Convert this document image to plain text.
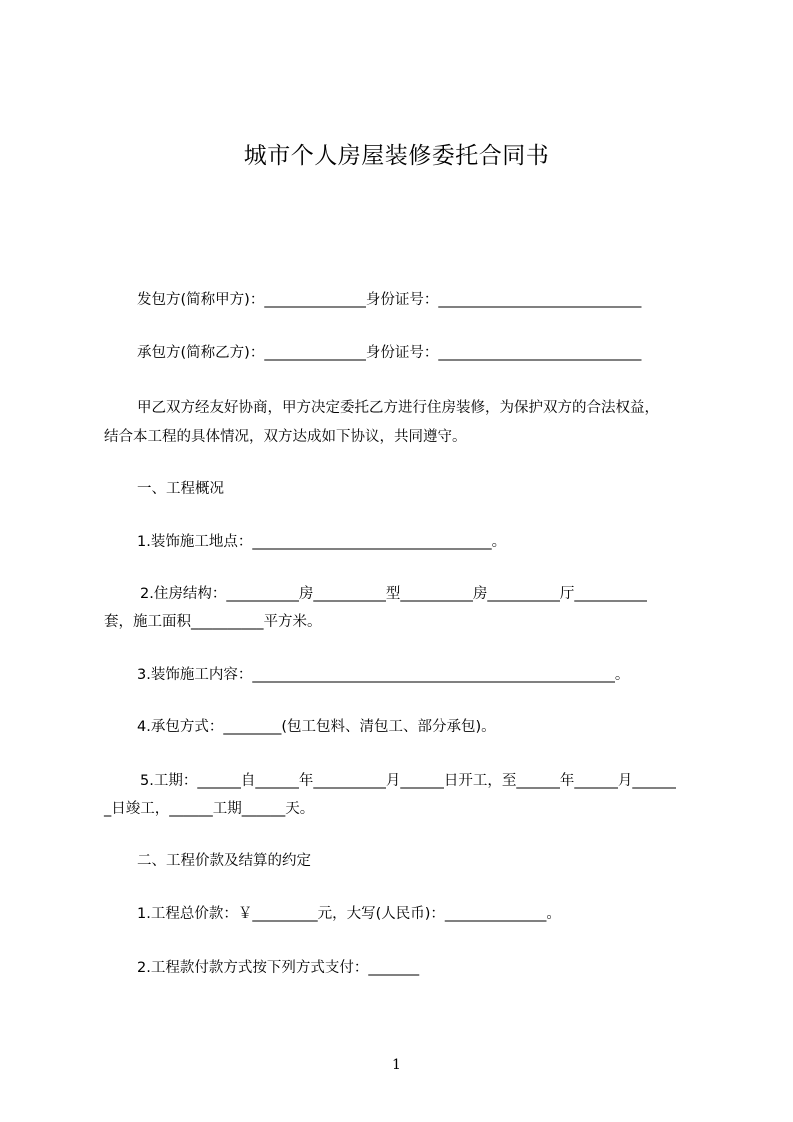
城市个人房屋装修委托合同书
发包方(简称甲方)：______________身份证号：____________________________
承包方(简称乙方)：______________身份证号：____________________________
甲乙双方经友好协商，甲方决定委托乙方进行住房装修，为保护双方的合法权益，
结合本工程的具体情况，双方达成如下协议，共同遵守。
一、工程概况
1.装饰施工地点：_________________________________。
2.住房结构：__________房__________型__________房__________厅__________
套，施工面积__________平方米。
3.装饰施工内容：__________________________________________________。
4.承包方式：________(包工包料、清包工、部分承包)。
5.工期：______自______年__________月______日开工，至______年______月______
_日竣工，______工期______天。
二、工程价款及结算的约定
1.工程总价款：￥_________元，大写(人民币)：______________。
2.工程款付款方式按下列方式支付：_______
1
